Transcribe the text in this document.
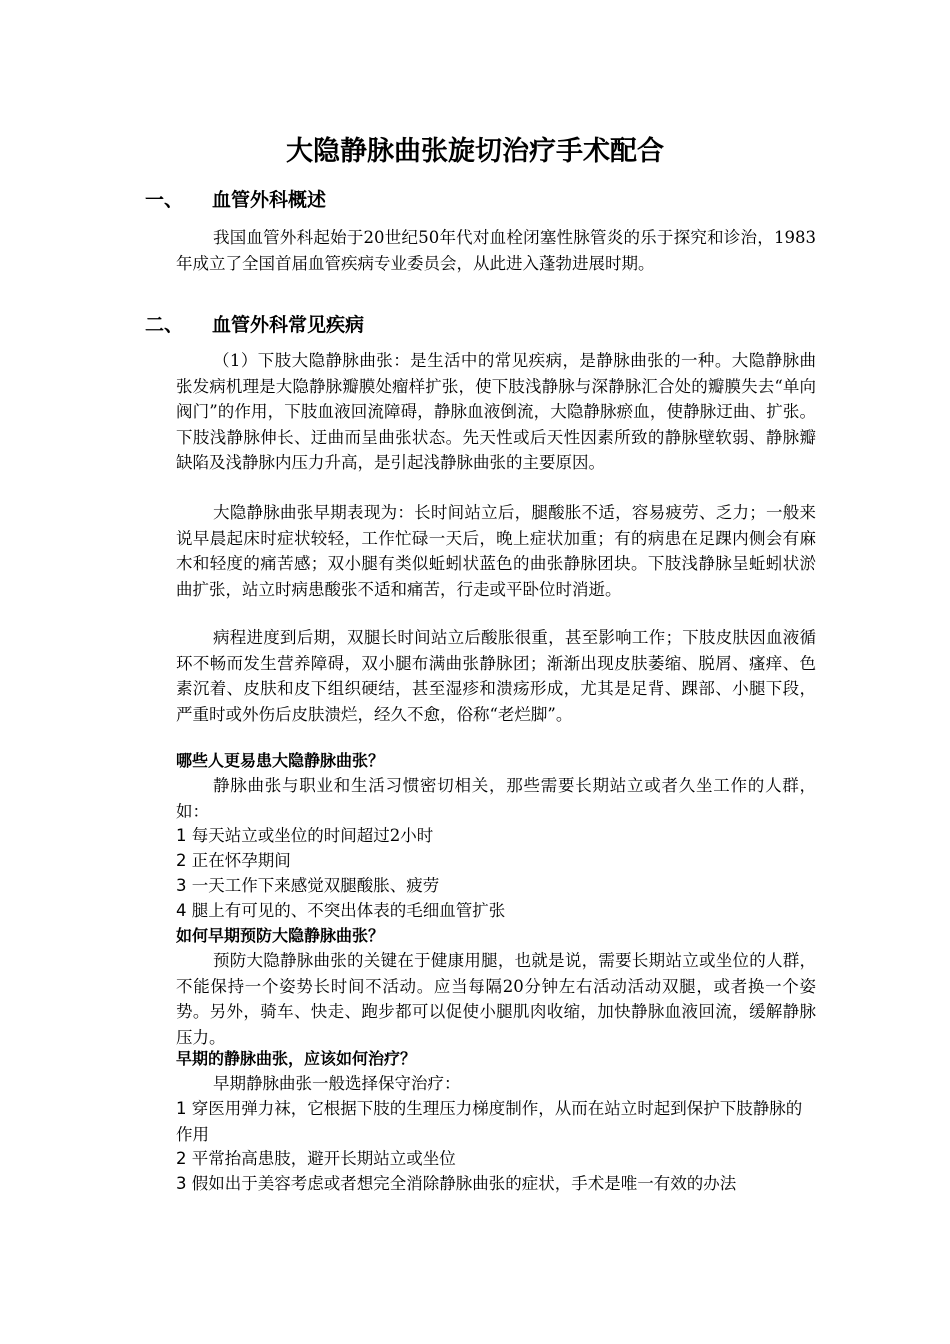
大隐静脉曲张旋切治疗手术配合
一、 血管外科概述
我国血管外科起始于20世纪50年代对血栓闭塞性脉管炎的乐于探究和诊治，1983年成立了全国首届血管疾病专业委员会，从此进入蓬勃进展时期。
二、 血管外科常见疾病
（1）下肢大隐静脉曲张：是生活中的常见疾病，是静脉曲张的一种。大隐静脉曲张发病机理是大隐静脉瓣膜处瘤样扩张，使下肢浅静脉与深静脉汇合处的瓣膜失去“单向阀门”的作用，下肢血液回流障碍，静脉血液倒流，大隐静脉瘀血，使静脉迂曲、扩张。下肢浅静脉伸长、迂曲而呈曲张状态。先天性或后天性因素所致的静脉壁软弱、静脉瓣缺陷及浅静脉内压力升高，是引起浅静脉曲张的主要原因。
大隐静脉曲张早期表现为：长时间站立后，腿酸胀不适，容易疲劳、乏力；一般来说早晨起床时症状较轻，工作忙碌一天后，晚上症状加重；有的病患在足踝内侧会有麻木和轻度的痛苦感；双小腿有类似蚯蚓状蓝色的曲张静脉团块。下肢浅静脉呈蚯蚓状淤曲扩张，站立时病患酸张不适和痛苦，行走或平卧位时消逝。
病程进度到后期，双腿长时间站立后酸胀很重，甚至影响工作；下肢皮肤因血液循环不畅而发生营养障碍，双小腿布满曲张静脉团；渐渐出现皮肤萎缩、脱屑、瘙痒、色素沉着、皮肤和皮下组织硬结，甚至湿疹和溃疡形成，尤其是足背、踝部、小腿下段，严重时或外伤后皮肤溃烂，经久不愈，俗称“老烂脚”。
哪些人更易患大隐静脉曲张？
静脉曲张与职业和生活习惯密切相关，那些需要长期站立或者久坐工作的人群，如：
1 每天站立或坐位的时间超过2小时
2 正在怀孕期间
3 一天工作下来感觉双腿酸胀、疲劳
4 腿上有可见的、不突出体表的毛细血管扩张
如何早期预防大隐静脉曲张？
预防大隐静脉曲张的关键在于健康用腿，也就是说，需要长期站立或坐位的人群，不能保持一个姿势长时间不活动。应当每隔20分钟左右活动活动双腿，或者换一个姿势。另外，骑车、快走、跑步都可以促使小腿肌肉收缩，加快静脉血液回流，缓解静脉压力。
早期的静脉曲张，应该如何治疗？
早期静脉曲张一般选择保守治疗：
1 穿医用弹力袜，它根据下肢的生理压力梯度制作，从而在站立时起到保护下肢静脉的作用
2 平常抬高患肢，避开长期站立或坐位
3 假如出于美容考虑或者想完全消除静脉曲张的症状，手术是唯一有效的办法
